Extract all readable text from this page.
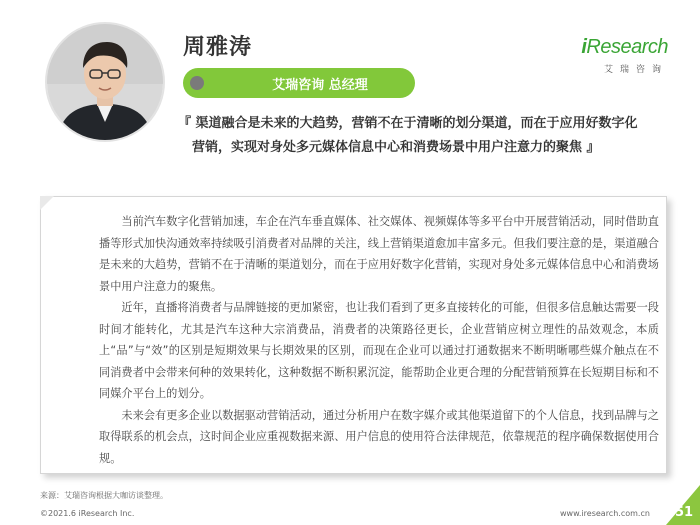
周雅涛
艾瑞咨询 总经理
iResearch
艾瑞咨询
『 渠道融合是未来的大趋势，营销不在于清晰的划分渠道，而在于应用好数字化
营销，实现对身处多元媒体信息中心和消费场景中用户注意力的聚焦 』

当前汽车数字化营销加速，车企在汽车垂直媒体、社交媒体、视频媒体等多平台中开展营销活动，同时借助直播等形式加快沟通效率持续吸引消费者对品牌的关注，线上营销渠道愈加丰富多元。但我们要注意的是，渠道融合是未来的大趋势，营销不在于清晰的渠道划分，而在于应用好数字化营销，实现对身处多元媒体信息中心和消费场景中用户注意力的聚焦。

近年，直播将消费者与品牌链接的更加紧密，也让我们看到了更多直接转化的可能，但很多信息触达需要一段时间才能转化，尤其是汽车这种大宗消费品，消费者的决策路径更长，企业营销应树立理性的品效观念，本质上“品”与“效”的区别是短期效果与长期效果的区别，而现在企业可以通过打通数据来不断明晰哪些媒介触点在不同消费者中会带来何种的效果转化，这种数据不断积累沉淀，能帮助企业更合理的分配营销预算在长短期目标和不同媒介平台上的划分。

未来会有更多企业以数据驱动营销活动，通过分析用户在数字媒介或其他渠道留下的个人信息，找到品牌与之取得联系的机会点，这时间企业应重视数据来源、用户信息的使用符合法律规范，依靠规范的程序确保数据使用合规。

来源：艾瑞咨询根据大咖访谈整理。
©2021.6 iResearch Inc.	www.iresearch.com.cn	51
